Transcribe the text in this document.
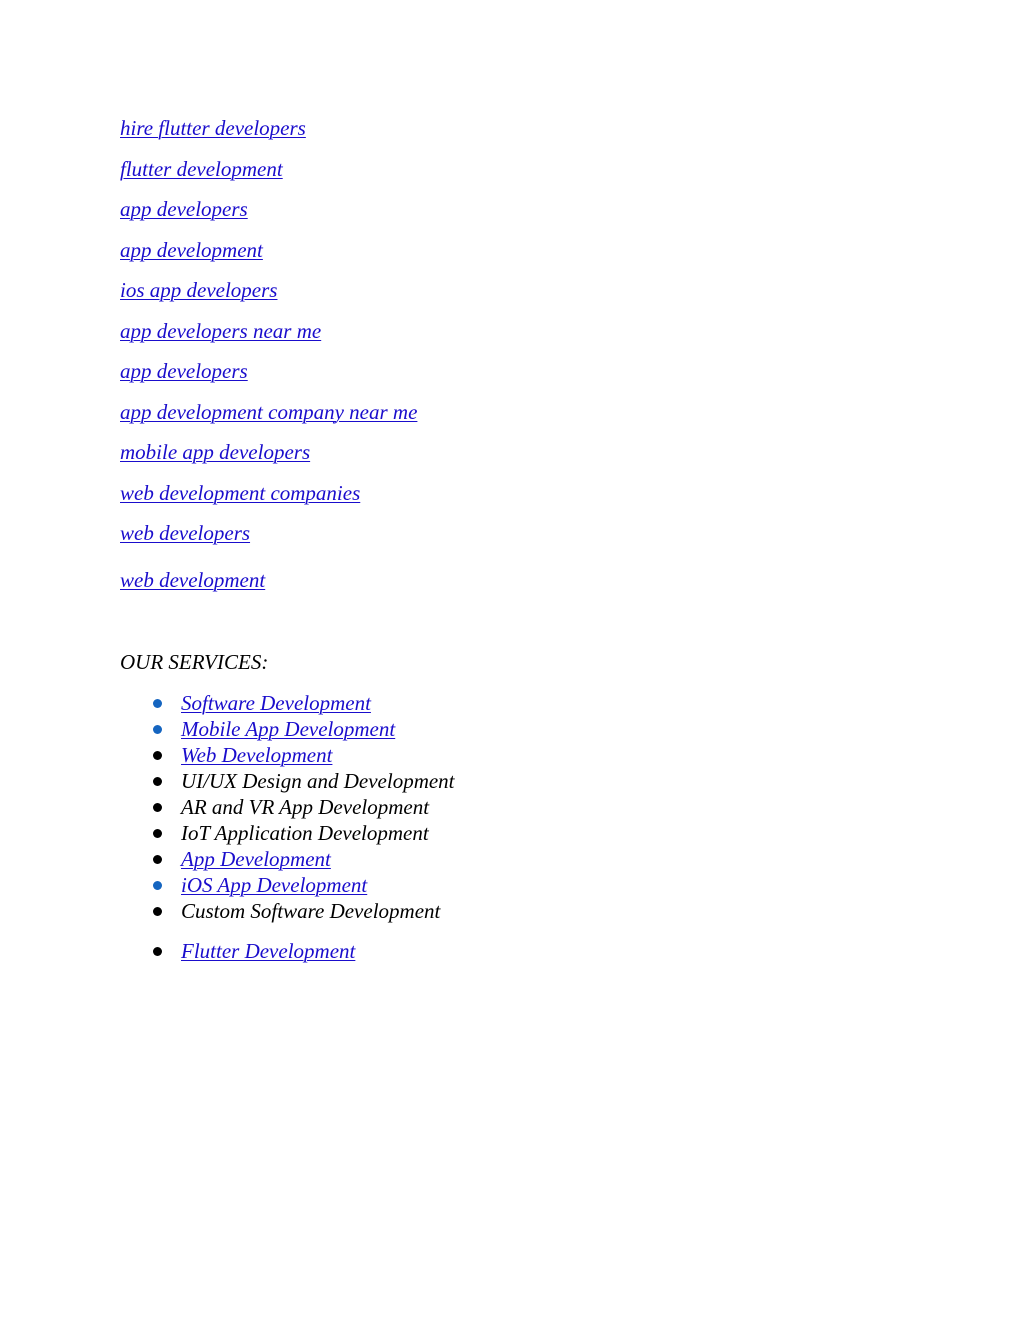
hire flutter developers
flutter development
app developers
app development
ios app developers
app developers near me
app developers
app development company near me
mobile app developers
web development companies
web developers
web development
OUR SERVICES:
Software Development
Mobile App Development
Web Development
UI/UX Design and Development
AR and VR App Development
IoT Application Development
App Development
iOS App Development
Custom Software Development
Flutter Development
